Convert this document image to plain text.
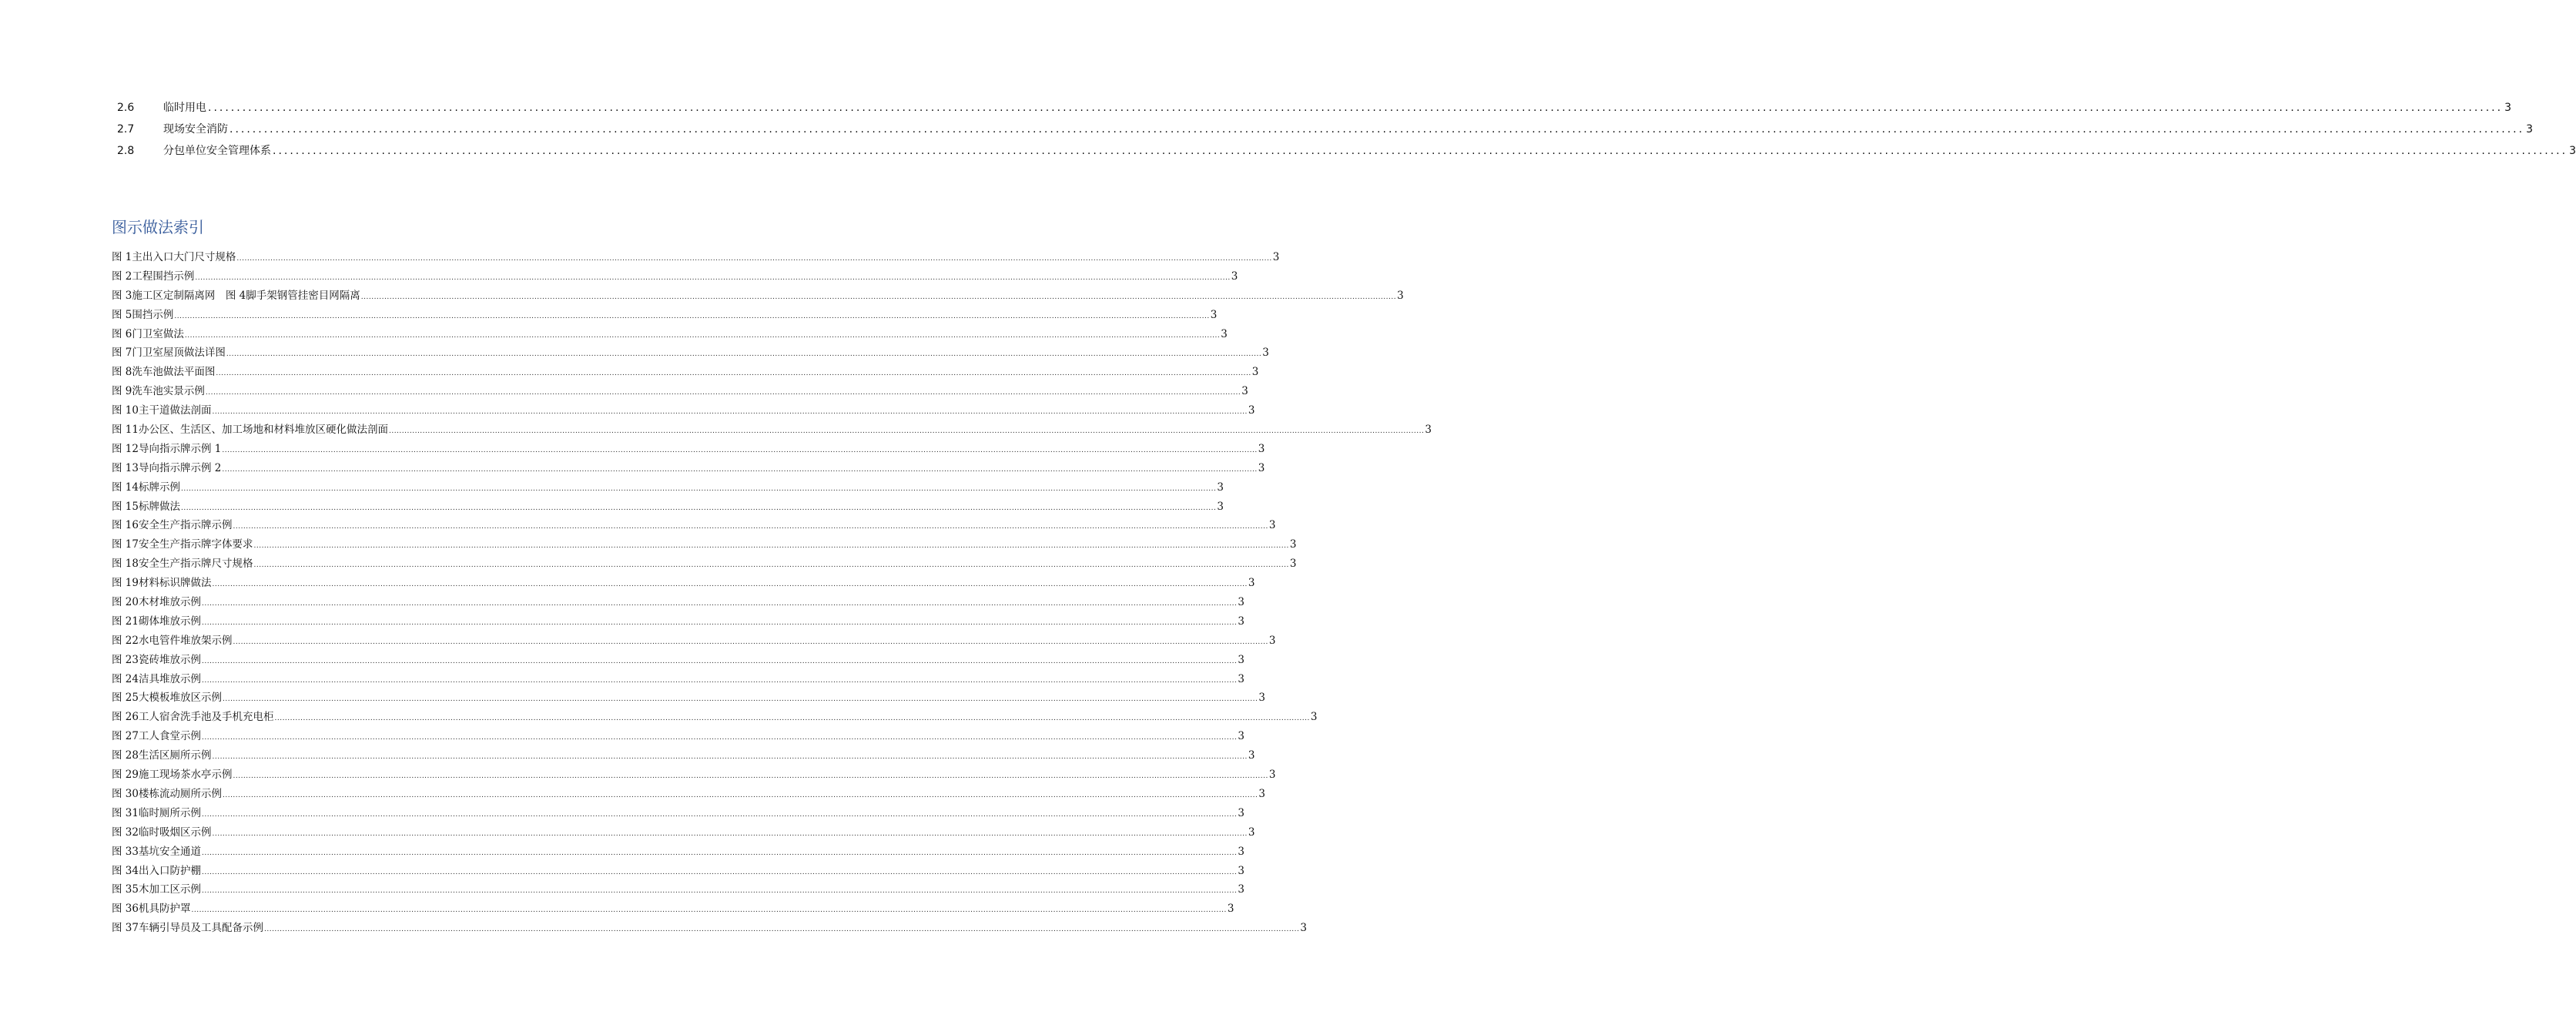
2.6	临时用电 ................................................................................................................................................................................................................................................................................................................................................................................................................ 3
2.7	现场安全消防 ................................................................................................................................................................................................................................................................................................................................................................................................................ 3
2.8	分包单位安全管理体系 ................................................................................................................................................................................................................................................................................................................................................................................................................ 3
图示做法索引
图 1主出入口大门尺寸规格 ................................................................................................................................................................................................................................................................................................................................................................................................................ 3
图 2工程围挡示例 ................................................................................................................................................................................................................................................................................................................................................................................................................ 3
图 3施工区定制隔离网　图 4脚手架钢管挂密目网隔离 ................................................................................................................................................................................................................................................................................................................................................................................................................ 3
图 5围挡示例 ................................................................................................................................................................................................................................................................................................................................................................................................................ 3
图 6门卫室做法 ................................................................................................................................................................................................................................................................................................................................................................................................................ 3
图 7门卫室屋顶做法详图 ................................................................................................................................................................................................................................................................................................................................................................................................................ 3
图 8洗车池做法平面图 ................................................................................................................................................................................................................................................................................................................................................................................................................ 3
图 9洗车池实景示例 ................................................................................................................................................................................................................................................................................................................................................................................................................ 3
图 10主干道做法剖面 ................................................................................................................................................................................................................................................................................................................................................................................................................ 3
图 11办公区、生活区、加工场地和材料堆放区硬化做法剖面 ................................................................................................................................................................................................................................................................................................................................................................................................................ 3
图 12导向指示牌示例 1 ................................................................................................................................................................................................................................................................................................................................................................................................................ 3
图 13导向指示牌示例 2 ................................................................................................................................................................................................................................................................................................................................................................................................................ 3
图 14标牌示例 ................................................................................................................................................................................................................................................................................................................................................................................................................ 3
图 15标牌做法 ................................................................................................................................................................................................................................................................................................................................................................................................................ 3
图 16安全生产指示牌示例 ................................................................................................................................................................................................................................................................................................................................................................................................................ 3
图 17安全生产指示牌字体要求 ................................................................................................................................................................................................................................................................................................................................................................................................................ 3
图 18安全生产指示牌尺寸规格 ................................................................................................................................................................................................................................................................................................................................................................................................................ 3
图 19材料标识牌做法 ................................................................................................................................................................................................................................................................................................................................................................................................................ 3
图 20木材堆放示例 ................................................................................................................................................................................................................................................................................................................................................................................................................ 3
图 21砌体堆放示例 ................................................................................................................................................................................................................................................................................................................................................................................................................ 3
图 22水电管件堆放架示例 ................................................................................................................................................................................................................................................................................................................................................................................................................ 3
图 23瓷砖堆放示例 ................................................................................................................................................................................................................................................................................................................................................................................................................ 3
图 24洁具堆放示例 ................................................................................................................................................................................................................................................................................................................................................................................................................ 3
图 25大模板堆放区示例 ................................................................................................................................................................................................................................................................................................................................................................................................................ 3
图 26工人宿舍洗手池及手机充电柜 ................................................................................................................................................................................................................................................................................................................................................................................................................ 3
图 27工人食堂示例 ................................................................................................................................................................................................................................................................................................................................................................................................................ 3
图 28生活区厕所示例 ................................................................................................................................................................................................................................................................................................................................................................................................................ 3
图 29施工现场茶水亭示例 ................................................................................................................................................................................................................................................................................................................................................................................................................ 3
图 30楼栋流动厕所示例 ................................................................................................................................................................................................................................................................................................................................................................................................................ 3
图 31临时厕所示例 ................................................................................................................................................................................................................................................................................................................................................................................................................ 3
图 32临时吸烟区示例 ................................................................................................................................................................................................................................................................................................................................................................................................................ 3
图 33基坑安全通道 ................................................................................................................................................................................................................................................................................................................................................................................................................ 3
图 34出入口防护棚 ................................................................................................................................................................................................................................................................................................................................................................................................................ 3
图 35木加工区示例 ................................................................................................................................................................................................................................................................................................................................................................................................................ 3
图 36机具防护罩 ................................................................................................................................................................................................................................................................................................................................................................................................................ 3
图 37车辆引导员及工具配备示例 ................................................................................................................................................................................................................................................................................................................................................................................................................ 3
